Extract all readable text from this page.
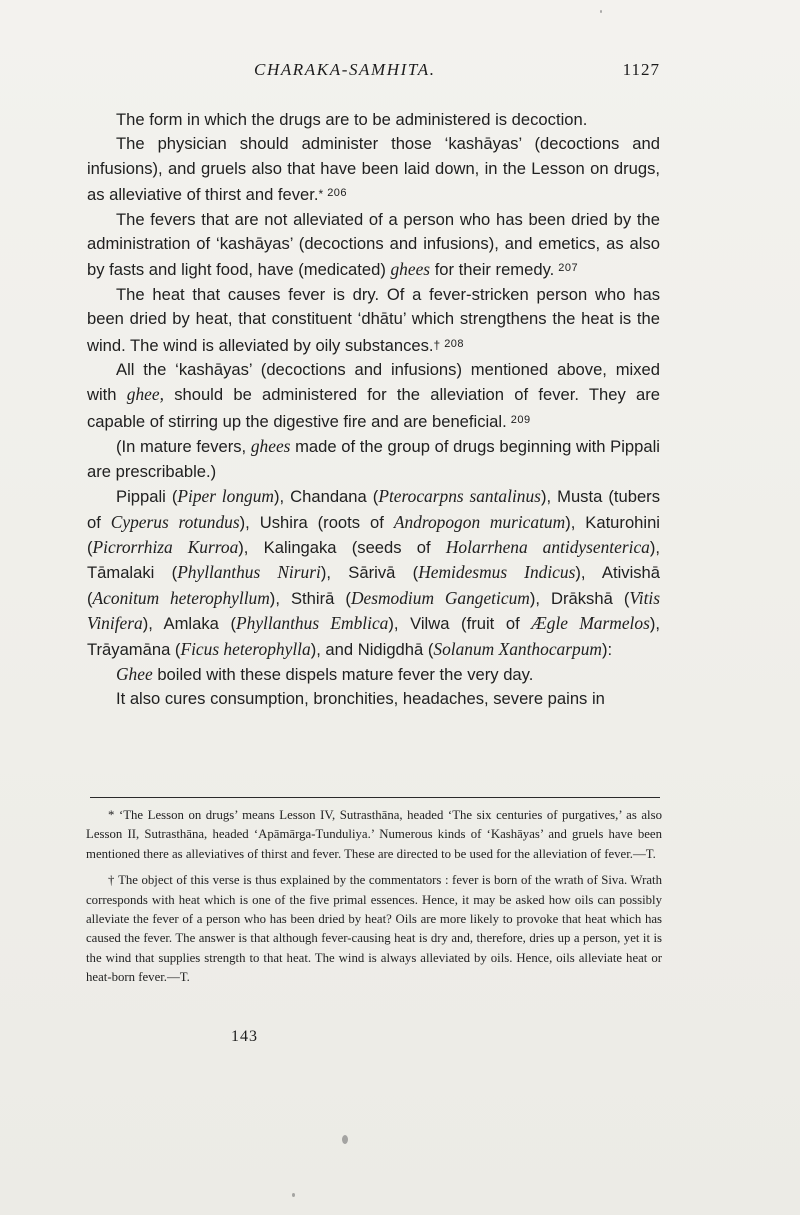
CHARAKA-SAMHITA.	1127

The form in which the drugs are to be administered is decoction.

The physician should administer those ‘kashāyas’ (decoctions and infusions), and gruels also that have been laid down, in the Lesson on drugs, as alleviative of thirst and fever.* $^{206}$

The fevers that are not alleviated of a person who has been dried by the administration of ‘kashāyas’ (decoctions and infusions), and emetics, as also by fasts and light food, have (medicated) ghees for their remedy. $^{207}$

The heat that causes fever is dry. Of a fever-stricken person who has been dried by heat, that constituent ‘dhātu’ which strengthens the heat is the wind. The wind is alleviated by oily substances.† $^{208}$

All the ‘kashāyas’ (decoctions and infusions) mentioned above, mixed with ghee, should be administered for the alleviation of fever. They are capable of stirring up the digestive fire and are beneficial. $^{209}$

(In mature fevers, ghees made of the group of drugs beginning with Pippali are prescribable.)

Pippali (Piper longum), Chandana (Pterocarpns santalinus), Musta (tubers of Cyperus rotundus), Ushira (roots of Andropogon muricatum), Katurohini (Picrorrhiza Kurroa), Kalingaka (seeds of Holarrhena antidysenterica), Tāmalaki (Phyllanthus Niruri), Sārivā (Hemidesmus Indicus), Ativishā (Aconitum heterophyllum), Sthirā (Desmodium Gangeticum), Drākshā (Vitis Vinifera), Amlaka (Phyllanthus Emblica), Vilwa (fruit of Ægle Marmelos), Trāyamāna (Ficus heterophylla), and Nidigdhā (Solanum Xanthocarpum):

Ghee boiled with these dispels mature fever the very day.

It also cures consumption, bronchities, headaches, severe pains in

* ‘The Lesson on drugs’ means Lesson IV, Sutrasthāna, headed ‘The six centuries of purgatives,’ as also Lesson II, Sutrasthāna, headed ‘Apāmārga-Tunduliya.’ Numerous kinds of ‘Kashāyas’ and gruels have been mentioned there as alleviatives of thirst and fever. These are directed to be used for the alleviation of fever.—T.

† The object of this verse is thus explained by the commentators : fever is born of the wrath of Siva. Wrath corresponds with heat which is one of the five primal essences. Hence, it may be asked how oils can possibly alleviate the fever of a person who has been dried by heat? Oils are more likely to provoke that heat which has caused the fever. The answer is that although fever-causing heat is dry and, therefore, dries up a person, yet it is the wind that supplies strength to that heat. The wind is always alleviated by oils. Hence, oils alleviate heat or heat-born fever.—T.

143
